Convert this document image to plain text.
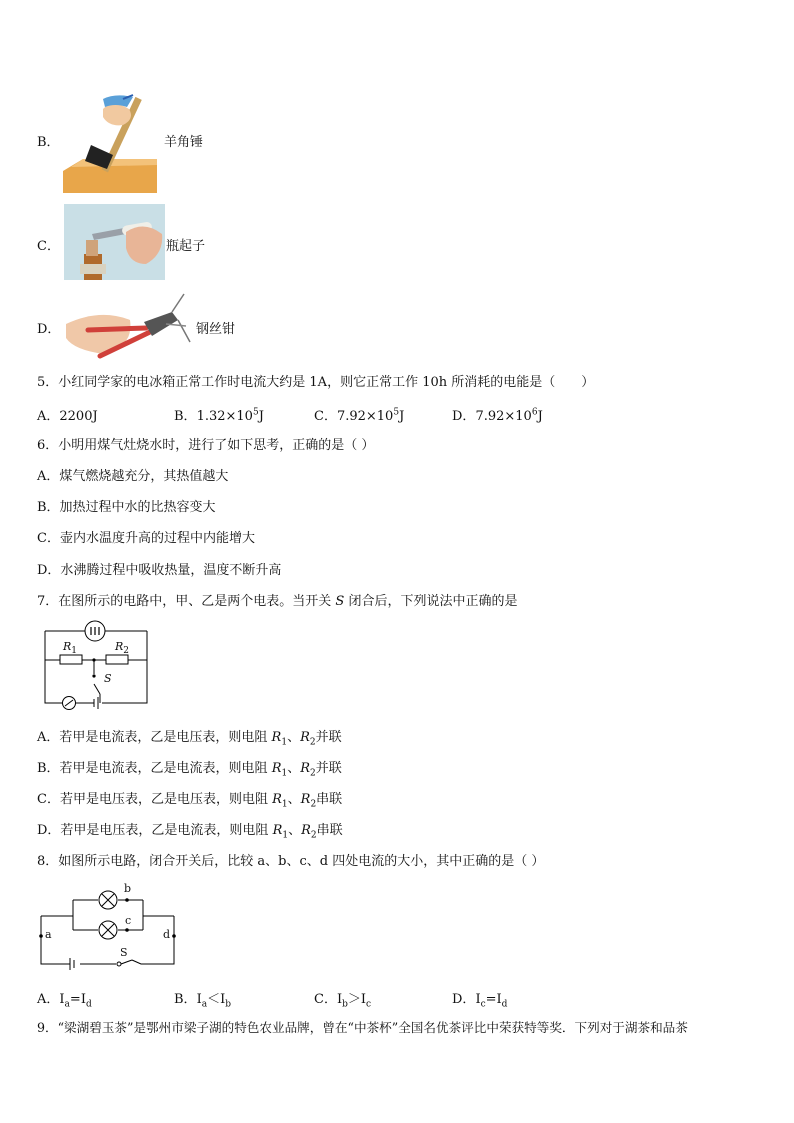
B．	羊角锤
C．	瓶起子
D．	钢丝钳
5．小红同学家的电冰箱正常工作时电流大约是 1A，则它正常工作 10h 所消耗的电能是（　　）
A．2200J	B．$1.32\times 10^5J$	C．$7.92\times 10^5J$	D．$7.92\times 10^6J$
6．小明用煤气灶烧水时，进行了如下思考，正确的是（ ）
A．煤气燃烧越充分，其热值越大
B．加热过程中水的比热容变大
C．壶内水温度升高的过程中内能增大
D．水沸腾过程中吸收热量，温度不断升高
7．在图所示的电路中，甲、乙是两个电表。当开关 S 闭合后，下列说法中正确的是
$R_1$	$R_2$
S
A．若甲是电流表，乙是电压表，则电阻 $R_1$、$R_2$并联
B．若甲是电流表，乙是电流表，则电阻 $R_1$、$R_2$并联
C．若甲是电压表，乙是电压表，则电阻 $R_1$、$R_2$串联
D．若甲是电压表，乙是电流表，则电阻 $R_1$、$R_2$串联
8．如图所示电路，闭合开关后，比较 a、b、c、d 四处电流的大小，其中正确的是（ ）
b
c
a	d
S
A．$I_a=I_d$	B．$I_a<I_b$	C．$I_b>I_c$	D．$I_c=I_d$
9．“梁湖碧玉茶”是鄂州市梁子湖的特色农业品牌，曾在“中茶杯”全国名优茶评比中荣获特等奖．下列对于湖茶和品茶
